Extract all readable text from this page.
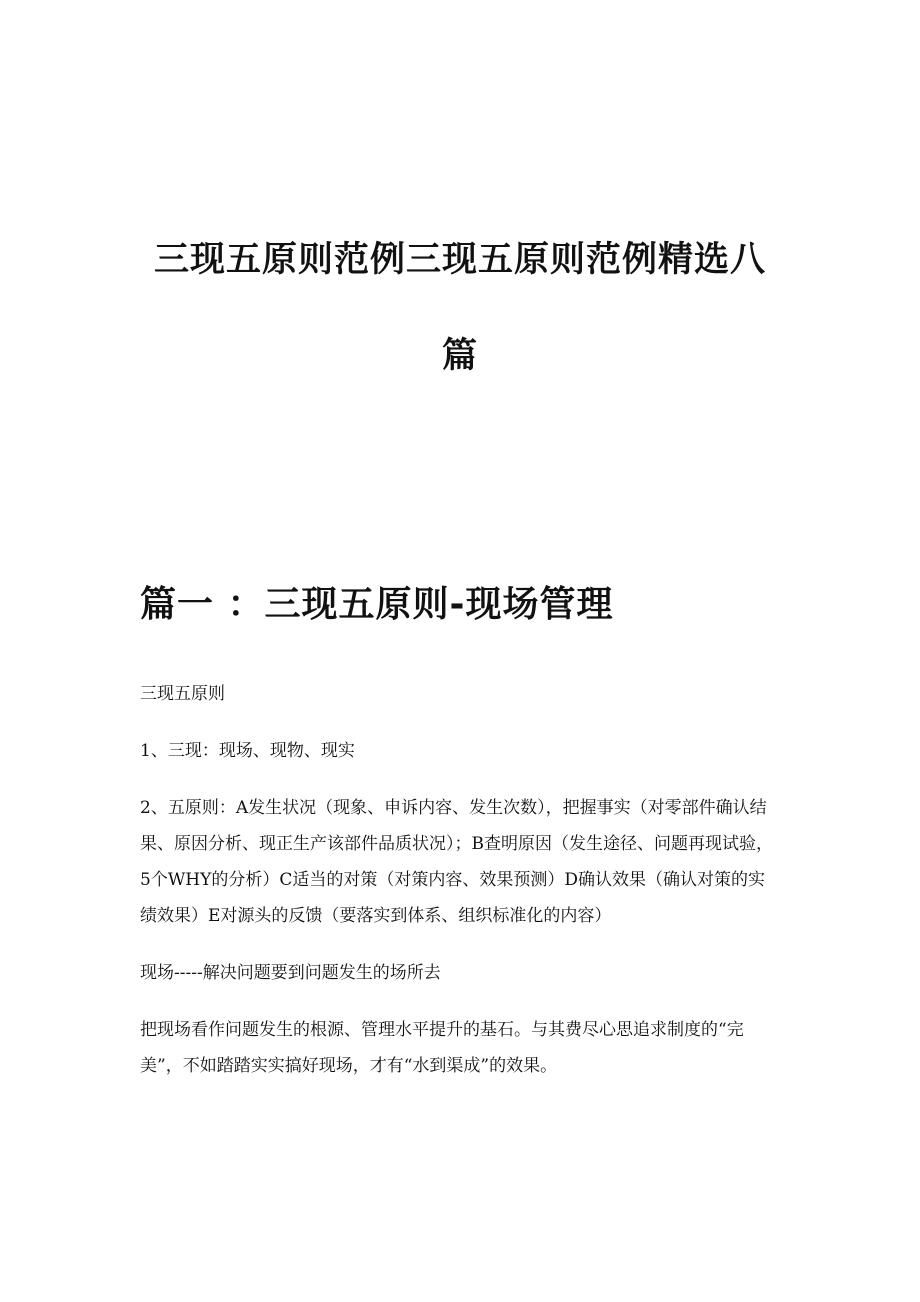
三现五原则范例三现五原则范例精选八篇
篇一 ：三现五原则-现场管理

三现五原则

1、三现：现场、现物、现实

2、五原则：A发生状况（现象、申诉内容、发生次数），把握事实（对零部件确认结果、原因分析、现正生产该部件品质状况）；B查明原因（发生途径、问题再现试验，5个WHY的分析）C适当的对策（对策内容、效果预测）D确认效果（确认对策的实绩效果）E对源头的反馈（要落实到体系、组织标准化的内容）

现场-----解决问题要到问题发生的场所去

把现场看作问题发生的根源、管理水平提升的基石。与其费尽心思追求制度的“完美”，不如踏踏实实搞好现场，才有“水到渠成”的效果。
